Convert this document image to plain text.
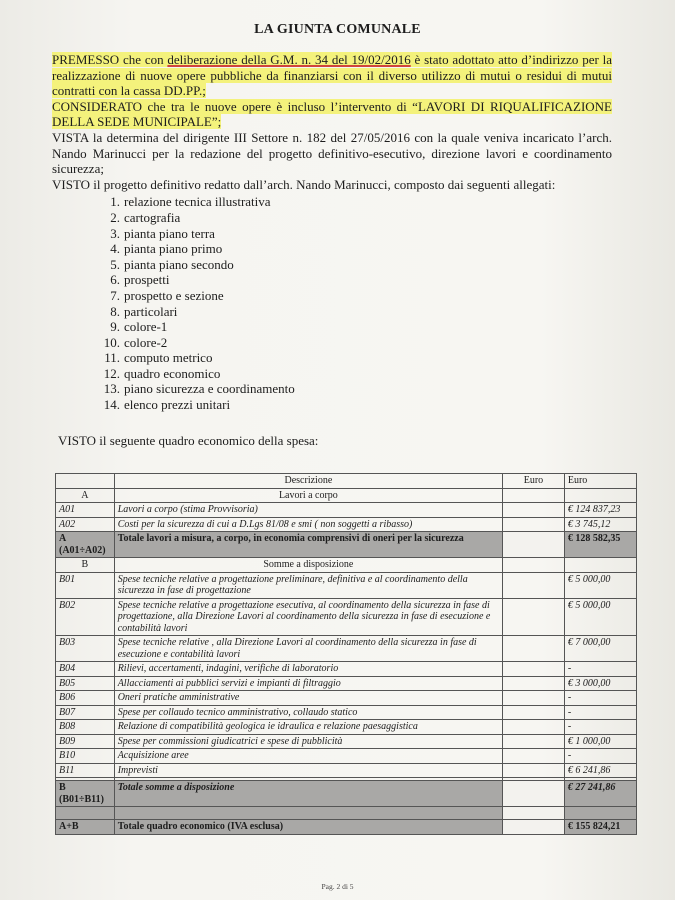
LA GIUNTA COMUNALE

PREMESSO che con deliberazione della G.M. n. 34 del 19/02/2016 è stato adottato atto d’indirizzo per la realizzazione di nuove opere pubbliche da finanziarsi con il diverso utilizzo di mutui o residui di mutui contratti con la cassa DD.PP.;

CONSIDERATO che tra le nuove opere è incluso l’intervento di “LAVORI DI RIQUALIFICAZIONE DELLA SEDE MUNICIPALE”;

VISTA la determina del dirigente III Settore n. 182 del 27/05/2016 con la quale veniva incaricato l’arch. Nando Marinucci per la redazione del progetto definitivo-esecutivo, direzione lavori e coordinamento sicurezza;

VISTO il progetto definitivo redatto dall’arch. Nando Marinucci, composto dai seguenti allegati:

1. relazione tecnica illustrativa
2. cartografia
3. pianta piano terra
4. pianta piano primo
5. pianta piano secondo
6. prospetti
7. prospetto e sezione
8. particolari
9. colore-1
10. colore-2
11. computo metrico
12. quadro economico
13. piano sicurezza e coordinamento
14. elenco prezzi unitari

VISTO il seguente quadro economico della spesa:

	Descrizione	Euro	Euro
A	Lavori a corpo		
A01	Lavori a corpo (stima Provvisoria)		€ 124 837,23
A02	Costi per la sicurezza di cui a D.Lgs 81/08 e smi ( non soggetti a ribasso)		€ 3 745,12
A
(A01÷A02)	Totale lavori a misura, a corpo, in economia comprensivi di oneri per la sicurezza		€ 128 582,35
B	Somme a disposizione		
B01	Spese tecniche relative a progettazione preliminare, definitiva e al coordinamento della sicurezza in fase di progettazione		€ 5 000,00
B02	Spese tecniche relative a progettazione esecutiva, al coordinamento della sicurezza in fase di progettazione, alla Direzione Lavori al coordinamento della sicurezza in fase di esecuzione e contabilità lavori		€ 5 000,00
B03	Spese tecniche relative , alla Direzione Lavori al coordinamento della sicurezza in fase di esecuzione e contabilità lavori		€ 7 000,00
B04	Rilievi, accertamenti, indagini, verifiche di laboratorio		-
B05	Allacciamenti ai pubblici servizi e impianti di filtraggio		€ 3 000,00
B06	Oneri pratiche amministrative		-
B07	Spese per collaudo tecnico amministrativo, collaudo statico		-
B08	Relazione di compatibilità geologica ie idraulica e relazione paesaggistica		-
B09	Spese per commissioni giudicatrici e spese di pubblicità		€ 1 000,00
B10	Acquisizione aree		-
B11	Imprevisti		€ 6 241,86

B
(B01÷B11)	Totale somme a disposizione		€ 27 241,86

A+B	Totale quadro economico (IVA esclusa)		€ 155 824,21
Pag. 2 di 5
